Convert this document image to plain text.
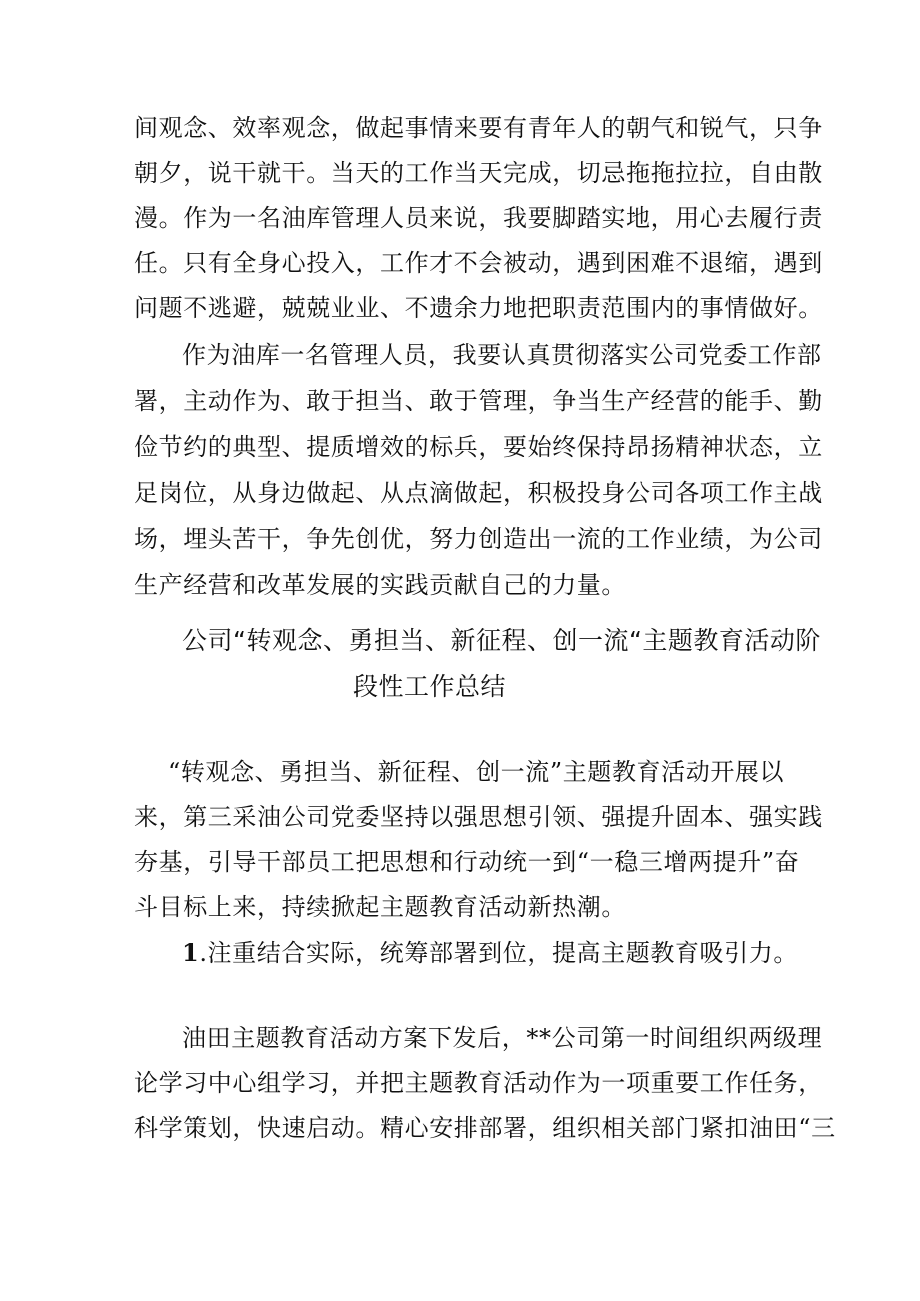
间观念、效率观念，做起事情来要有青年人的朝气和锐气，只争
朝夕，说干就干。当天的工作当天完成，切忌拖拖拉拉，自由散
漫。作为一名油库管理人员来说，我要脚踏实地，用心去履行责
任。只有全身心投入，工作才不会被动，遇到困难不退缩，遇到
问题不逃避，兢兢业业、不遗余力地把职责范围内的事情做好。
作为油库一名管理人员，我要认真贯彻落实公司党委工作部
署，主动作为、敢于担当、敢于管理，争当生产经营的能手、勤
俭节约的典型、提质增效的标兵，要始终保持昂扬精神状态，立
足岗位，从身边做起、从点滴做起，积极投身公司各项工作主战
场，埋头苦干，争先创优，努力创造出一流的工作业绩，为公司
生产经营和改革发展的实践贡献自己的力量。
公司“转观念、勇担当、新征程、创一流“主题教育活动阶
段性工作总结
“转观念、勇担当、新征程、创一流”主题教育活动开展以
来，第三采油公司党委坚持以强思想引领、强提升固本、强实践
夯基，引导干部员工把思想和行动统一到“一稳三增两提升”奋
斗目标上来，持续掀起主题教育活动新热潮。
1.注重结合实际，统筹部署到位，提高主题教育吸引力。
油田主题教育活动方案下发后，**公司第一时间组织两级理
论学习中心组学习，并把主题教育活动作为一项重要工作任务，
科学策划，快速启动。精心安排部署，组织相关部门紧扣油田“三
